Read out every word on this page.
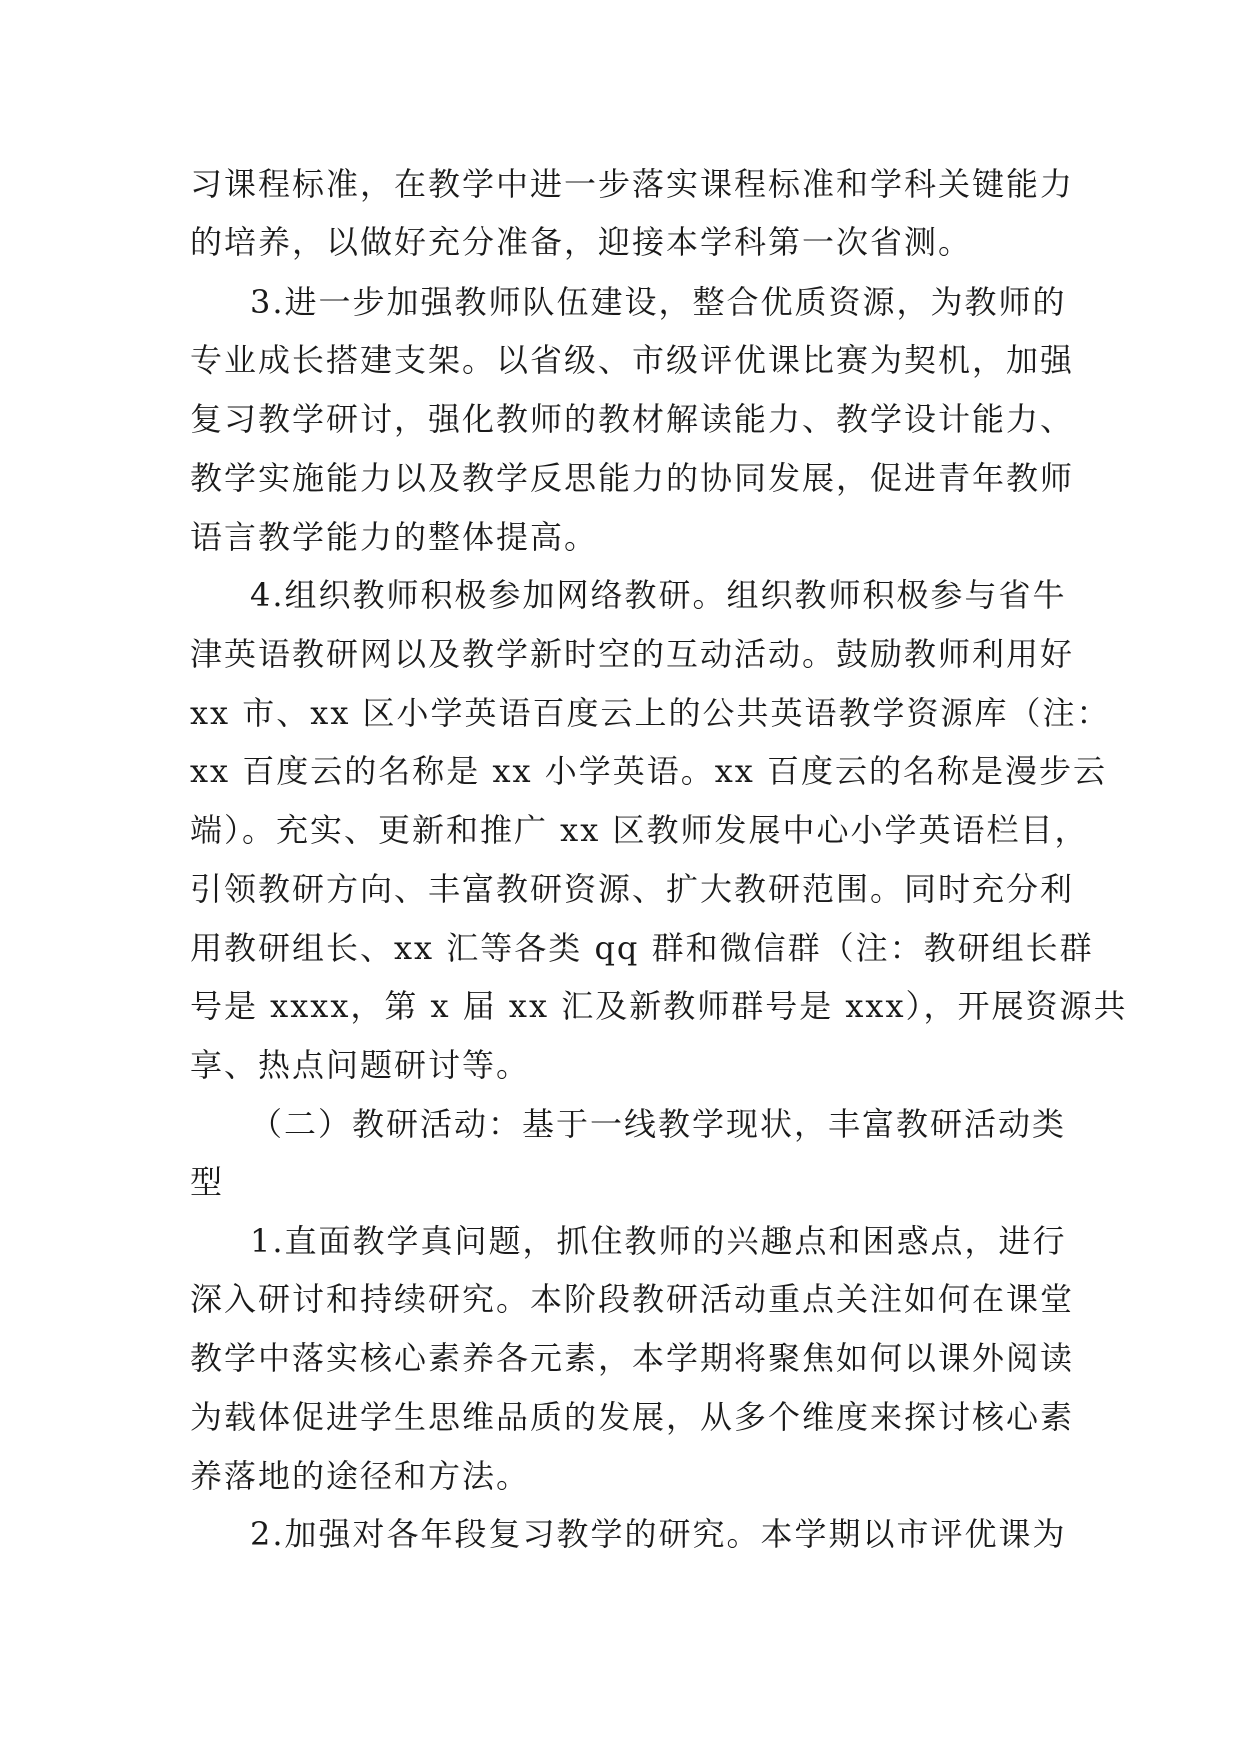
习课程标准，在教学中进一步落实课程标准和学科关键能力
的培养，以做好充分准备，迎接本学科第一次省测。
3.进一步加强教师队伍建设，整合优质资源，为教师的
专业成长搭建支架。以省级、市级评优课比赛为契机，加强
复习教学研讨，强化教师的教材解读能力、教学设计能力、
教学实施能力以及教学反思能力的协同发展，促进青年教师
语言教学能力的整体提高。
4.组织教师积极参加网络教研。组织教师积极参与省牛
津英语教研网以及教学新时空的互动活动。鼓励教师利用好
xx 市、xx 区小学英语百度云上的公共英语教学资源库（注：
xx 百度云的名称是 xx 小学英语。xx 百度云的名称是漫步云
端）。充实、更新和推广 xx 区教师发展中心小学英语栏目，
引领教研方向、丰富教研资源、扩大教研范围。同时充分利
用教研组长、xx 汇等各类 qq 群和微信群（注：教研组长群
号是 xxxx，第 x 届 xx 汇及新教师群号是 xxx），开展资源共
享、热点问题研讨等。
（二）教研活动：基于一线教学现状，丰富教研活动类
型
1.直面教学真问题，抓住教师的兴趣点和困惑点，进行
深入研讨和持续研究。本阶段教研活动重点关注如何在课堂
教学中落实核心素养各元素，本学期将聚焦如何以课外阅读
为载体促进学生思维品质的发展，从多个维度来探讨核心素
养落地的途径和方法。
2.加强对各年段复习教学的研究。本学期以市评优课为
